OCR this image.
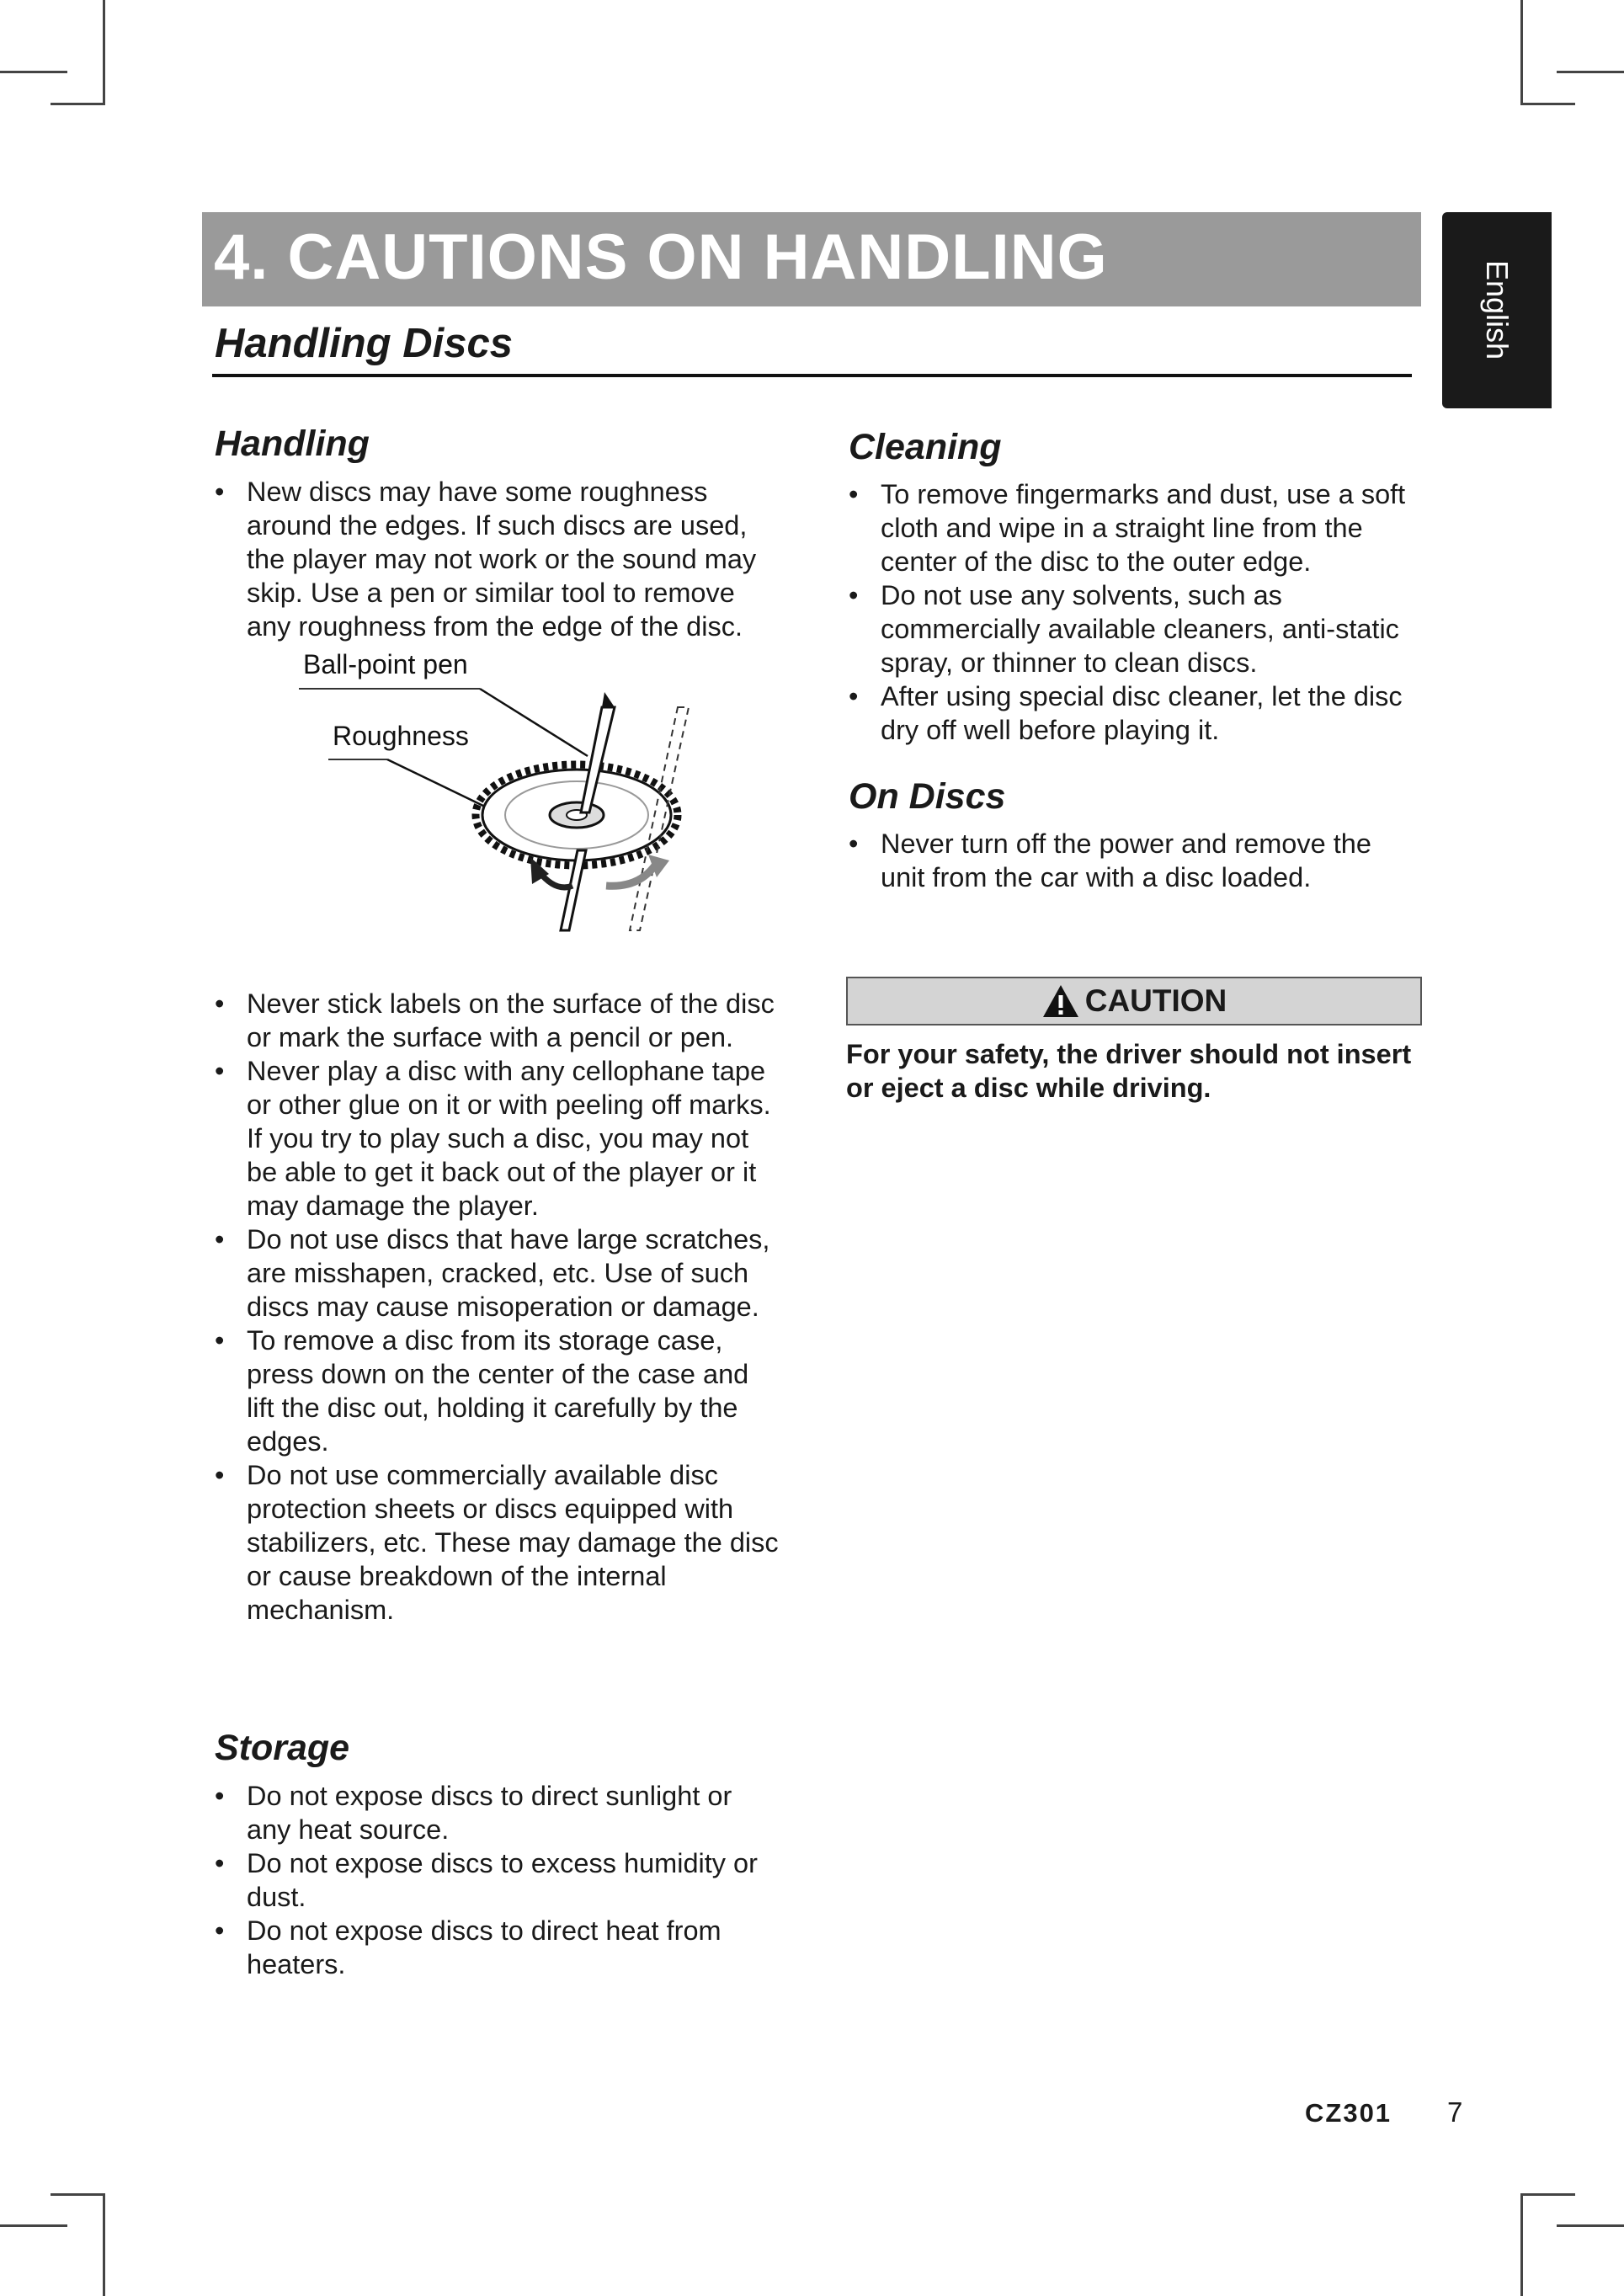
4. CAUTIONS ON HANDLING
English
Handling Discs
Handling
• New discs may have some roughness around the edges. If such discs are used, the player may not work or the sound may skip. Use a pen or similar tool to remove any roughness from the edge of the disc.
Ball-point pen
Roughness
• Never stick labels on the surface of the disc or mark the surface with a pencil or pen.
• Never play a disc with any cellophane tape or other glue on it or with peeling off marks. If you try to play such a disc, you may not be able to get it back out of the player or it may damage the player.
• Do not use discs that have large scratches, are misshapen, cracked, etc. Use of such discs may cause misoperation or damage.
• To remove a disc from its storage case, press down on the center of the case and lift the disc out, holding it carefully by the edges.
• Do not use commercially available disc protection sheets or discs equipped with stabilizers, etc. These may damage the disc or cause breakdown of the internal mechanism.
Storage
• Do not expose discs to direct sunlight or any heat source.
• Do not expose discs to excess humidity or dust.
• Do not expose discs to direct heat from heaters.
Cleaning
• To remove fingermarks and dust, use a soft cloth and wipe in a straight line from the center of the disc to the outer edge.
• Do not use any solvents, such as commercially available cleaners, anti-static spray, or thinner to clean discs.
• After using special disc cleaner, let the disc dry off well before playing it.
On Discs
• Never turn off the power and remove the unit from the car with a disc loaded.
CAUTION
For your safety, the driver should not insert or eject a disc while driving.
CZ301 7
